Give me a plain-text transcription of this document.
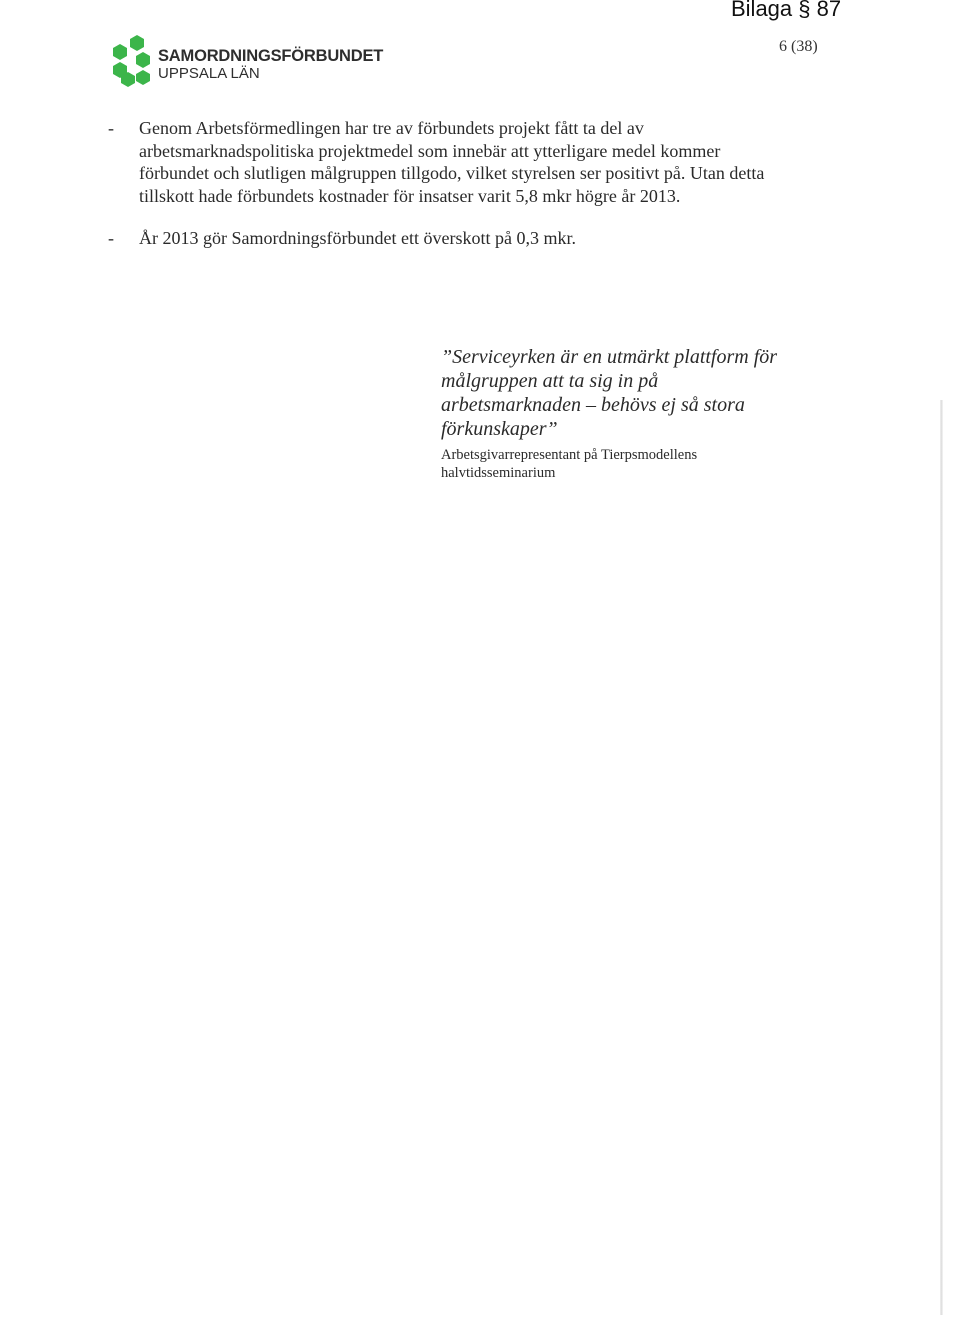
Bilaga § 87
6 (38)
SAMORDNINGSFÖRBUNDET
UPPSALA LÄN
- Genom Arbetsförmedlingen har tre av förbundets projekt fått ta del av arbetsmarknadspolitiska projektmedel som innebär att ytterligare medel kommer förbundet och slutligen målgruppen tillgodo, vilket styrelsen ser positivt på. Utan detta tillskott hade förbundets kostnader för insatser varit 5,8 mkr högre år 2013.
- År 2013 gör Samordningsförbundet ett överskott på 0,3 mkr.

”Serviceyrken är en utmärkt plattform för målgruppen att ta sig in på arbetsmarknaden – behövs ej så stora förkunskaper”

Arbetsgivarrepresentant på Tierpsmodellens halvtidsseminarium
